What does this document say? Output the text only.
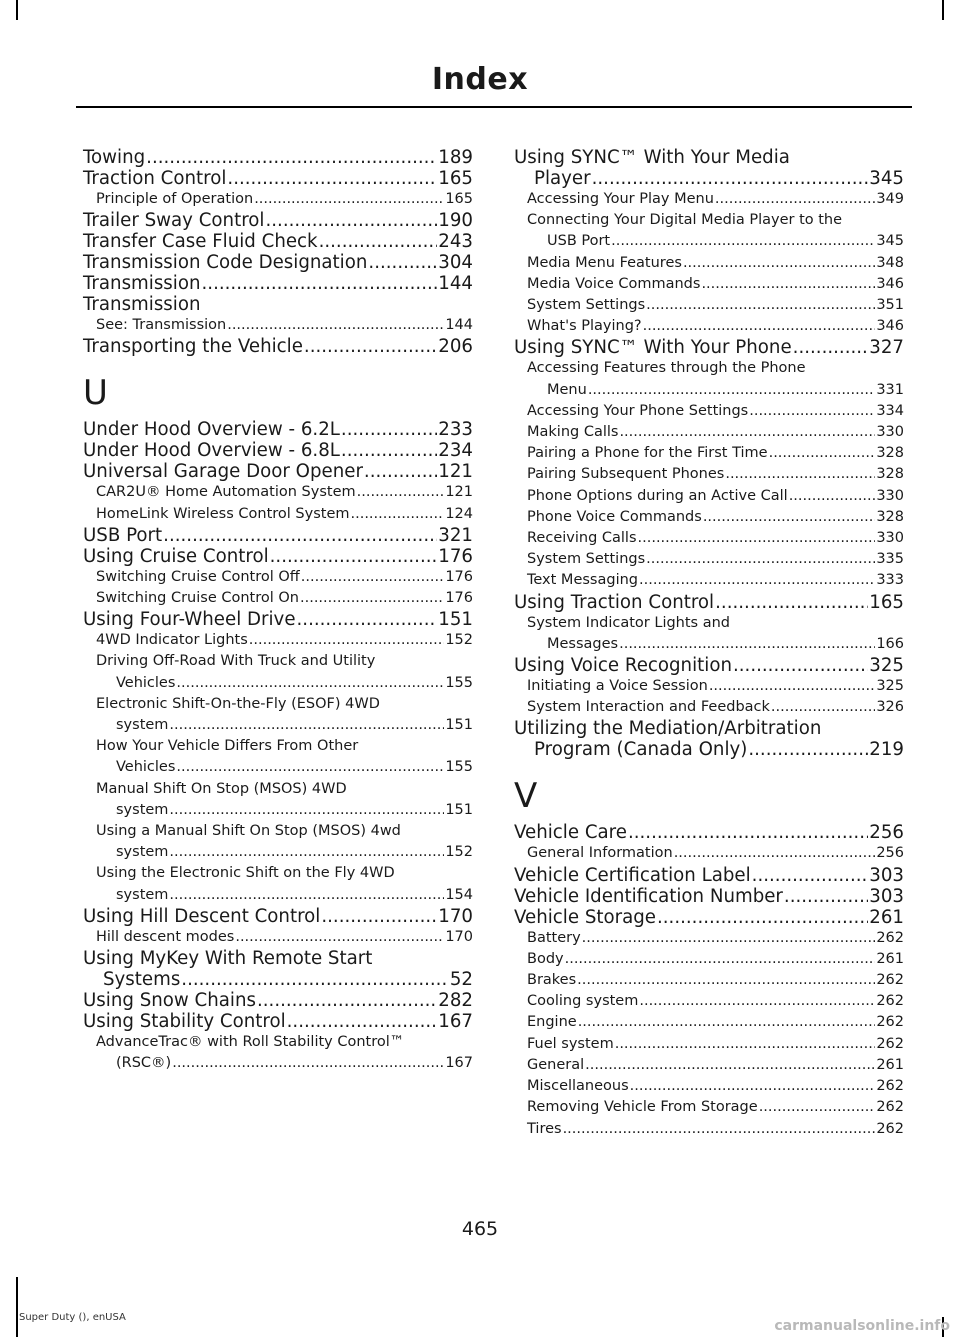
Index
Towing .....	189
Traction Control .....	165
Principle of Operation .....	165
Trailer Sway Control .....	190
Transfer Case Fluid Check .....	243
Transmission Code Designation .....	304
Transmission .....	144
Transmission
See: Transmission .....	144
Transporting the Vehicle .....	206
U
Under Hood Overview - 6.2L .....	233
Under Hood Overview - 6.8L .....	234
Universal Garage Door Opener .....	121
CAR2U® Home Automation System .....	121
HomeLink Wireless Control System .....	124
USB Port .....	321
Using Cruise Control .....	176
Switching Cruise Control Off .....	176
Switching Cruise Control On .....	176
Using Four-Wheel Drive .....	151
4WD Indicator Lights .....	152
Driving Off-Road With Truck and Utility
Vehicles .....	155
Electronic Shift-On-the-Fly (ESOF) 4WD
system .....	151
How Your Vehicle Differs From Other
Vehicles .....	155
Manual Shift On Stop (MSOS) 4WD
system .....	151
Using a Manual Shift On Stop (MSOS) 4wd
system .....	152
Using the Electronic Shift on the Fly 4WD
system .....	154
Using Hill Descent Control .....	170
Hill descent modes .....	170
Using MyKey With Remote Start
Systems .....	52
Using Snow Chains .....	282
Using Stability Control .....	167
AdvanceTrac® with Roll Stability Control™
(RSC®) .....	167
Using SYNC™ With Your Media
Player .....	345
Accessing Your Play Menu .....	349
Connecting Your Digital Media Player to the
USB Port .....	345
Media Menu Features .....	348
Media Voice Commands .....	346
System Settings .....	351
What's Playing? .....	346
Using SYNC™ With Your Phone .....	327
Accessing Features through the Phone
Menu .....	331
Accessing Your Phone Settings .....	334
Making Calls .....	330
Pairing a Phone for the First Time .....	328
Pairing Subsequent Phones .....	328
Phone Options during an Active Call .....	330
Phone Voice Commands .....	328
Receiving Calls .....	330
System Settings .....	335
Text Messaging .....	333
Using Traction Control .....	165
System Indicator Lights and
Messages .....	166
Using Voice Recognition .....	325
Initiating a Voice Session .....	325
System Interaction and Feedback .....	326
Utilizing the Mediation/Arbitration
Program (Canada Only) .....	219
V
Vehicle Care .....	256
General Information .....	256
Vehicle Certification Label .....	303
Vehicle Identification Number .....	303
Vehicle Storage .....	261
Battery .....	262
Body .....	261
Brakes .....	262
Cooling system .....	262
Engine .....	262
Fuel system .....	262
General .....	261
Miscellaneous .....	262
Removing Vehicle From Storage .....	262
Tires .....	262
465
Super Duty (), enUSA
carmanualsonline.info
